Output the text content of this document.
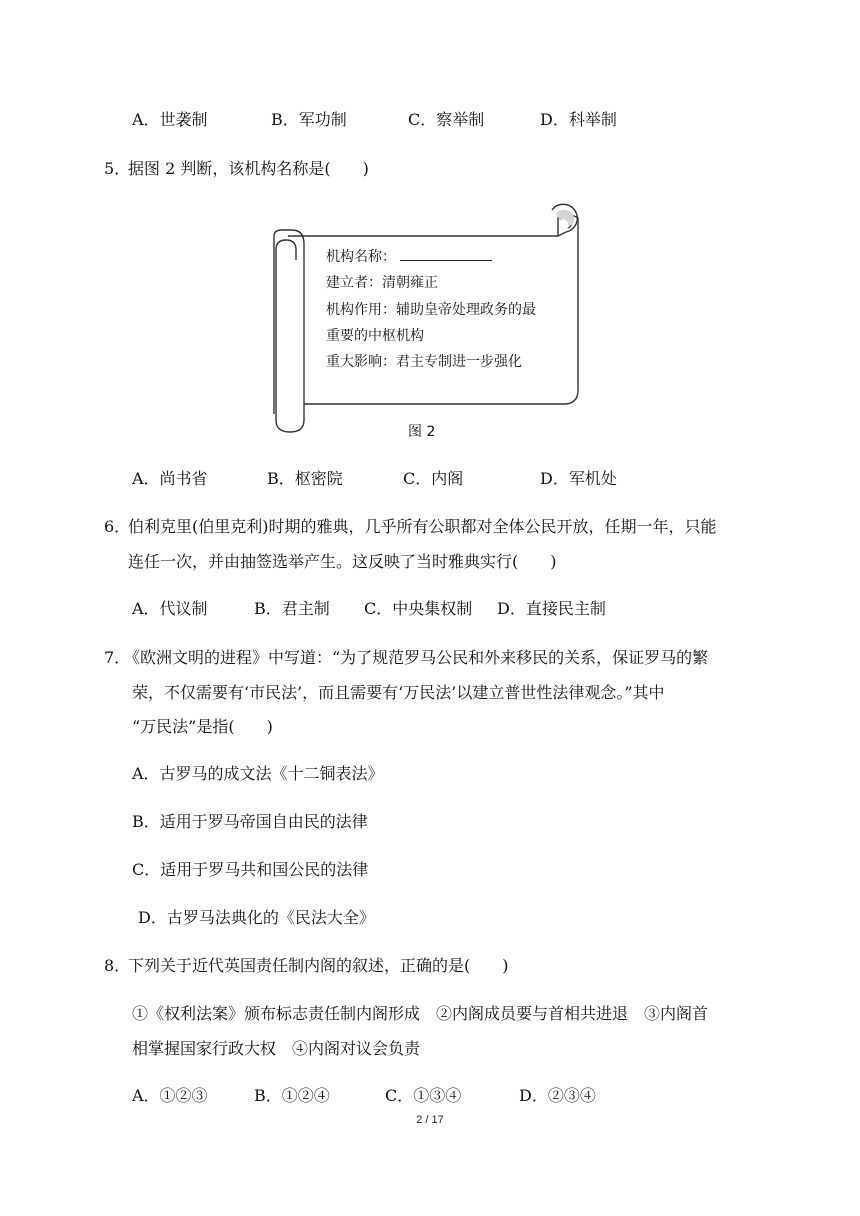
A．世袭制	B．军功制	C．察举制	D．科举制
5．
据图 2 判断，该机构名称是(　　)
机构名称：
建立者：清朝雍正
机构作用：辅助皇帝处理政务的最
重要的中枢机构
重大影响：君主专制进一步强化
图 2
A．尚书省	B．枢密院	C．内阁	D．军机处
6．
伯利克里(伯里克利)时期的雅典，几乎所有公职都对全体公民开放，任期一年，只能
连任一次，并由抽签选举产生。这反映了当时雅典实行(　　)
A．代议制	B．君主制 C．中央集权制 D．直接民主制
7．
《欧洲文明的进程》中写道：“为了规范罗马公民和外来移民的关系，保证罗马的繁
荣，不仅需要有‘市民法’，而且需要有‘万民法’以建立普世性法律观念。”其中
“万民法”是指(　　)
A．古罗马的成文法《十二铜表法》
B．适用于罗马帝国自由民的法律
C．适用于罗马共和国公民的法律
D．古罗马法典化的《民法大全》
8．
下列关于近代英国责任制内阁的叙述，正确的是(　　)
①《权利法案》颁布标志责任制内阁形成　②内阁成员要与首相共进退　③内阁首
相掌握国家行政大权　④内阁对议会负责
A．①②③	B．①②④	C．①③④	D．②③④
2 / 17
